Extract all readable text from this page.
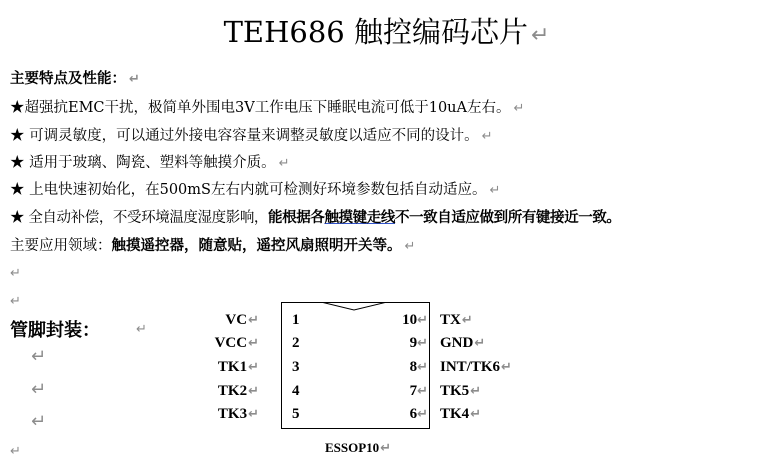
TEH686 触控编码芯片 ↵
主要特点及性能： ↵
★超强抗EMC干扰，极简单外围电3V工作电压下睡眠电流可低于10uA左右。 ↵
★ 可调灵敏度，可以通过外接电容容量来调整灵敏度以适应不同的设计。 ↵
★ 适用于玻璃、陶瓷、塑料等触摸介质。 ↵
★ 上电快速初始化，在500mS左右内就可检测好环境参数包括自动适应。 ↵
★ 全自动补偿，不受环境温度湿度影响，能根据各触摸键走线不一致自适应做到所有键接近一致。
主要应用领域：触摸遥控器，随意贴，遥控风扇照明开关等。 ↵
↵
↵
管脚封装：	↵
↵
↵
↵
↵
VC↵
VCC↵
TK1↵
TK2↵
TK3↵
1
2
3
4
5
10↵
9↵
8↵
7↵
6↵
TX↵
GND↵
INT/TK6↵
TK5↵
TK4↵
ESSOP10↵
